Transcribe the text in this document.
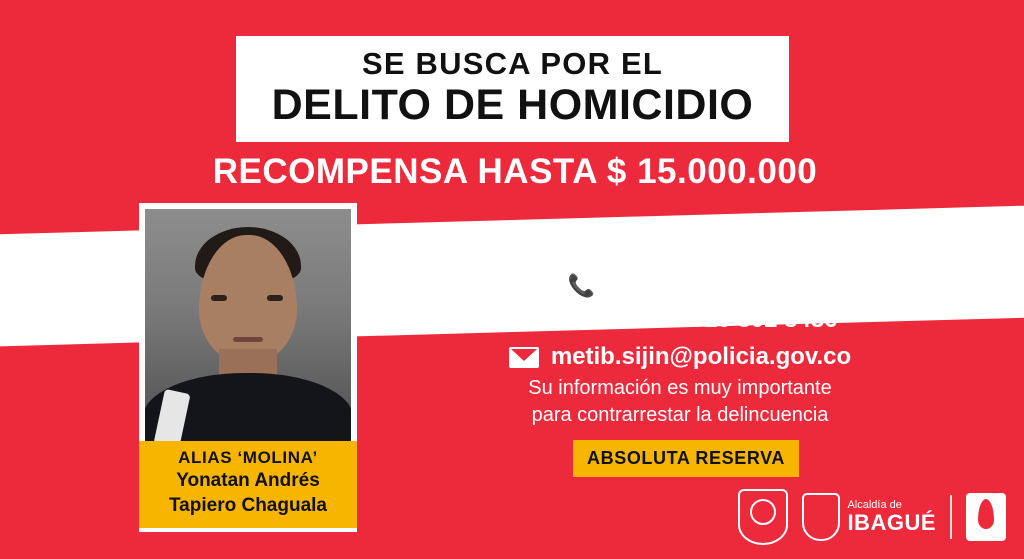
SE BUSCA POR EL
DELITO DE HOMICIDIO
RECOMPENSA HASTA $ 15.000.000
¡Ayúdenos a encontrarlo!
📞 LÍNEA SEGURA:
320 302 2867 - 320 302 8486
metib.sijin@policia.gov.co
Su información es muy importante
para contrarrestar la delincuencia
ABSOLUTA RESERVA
ALIAS ‘MOLINA’
Yonatan Andrés
Tapiero Chaguala	Alcaldía de
IBAGUÉ
